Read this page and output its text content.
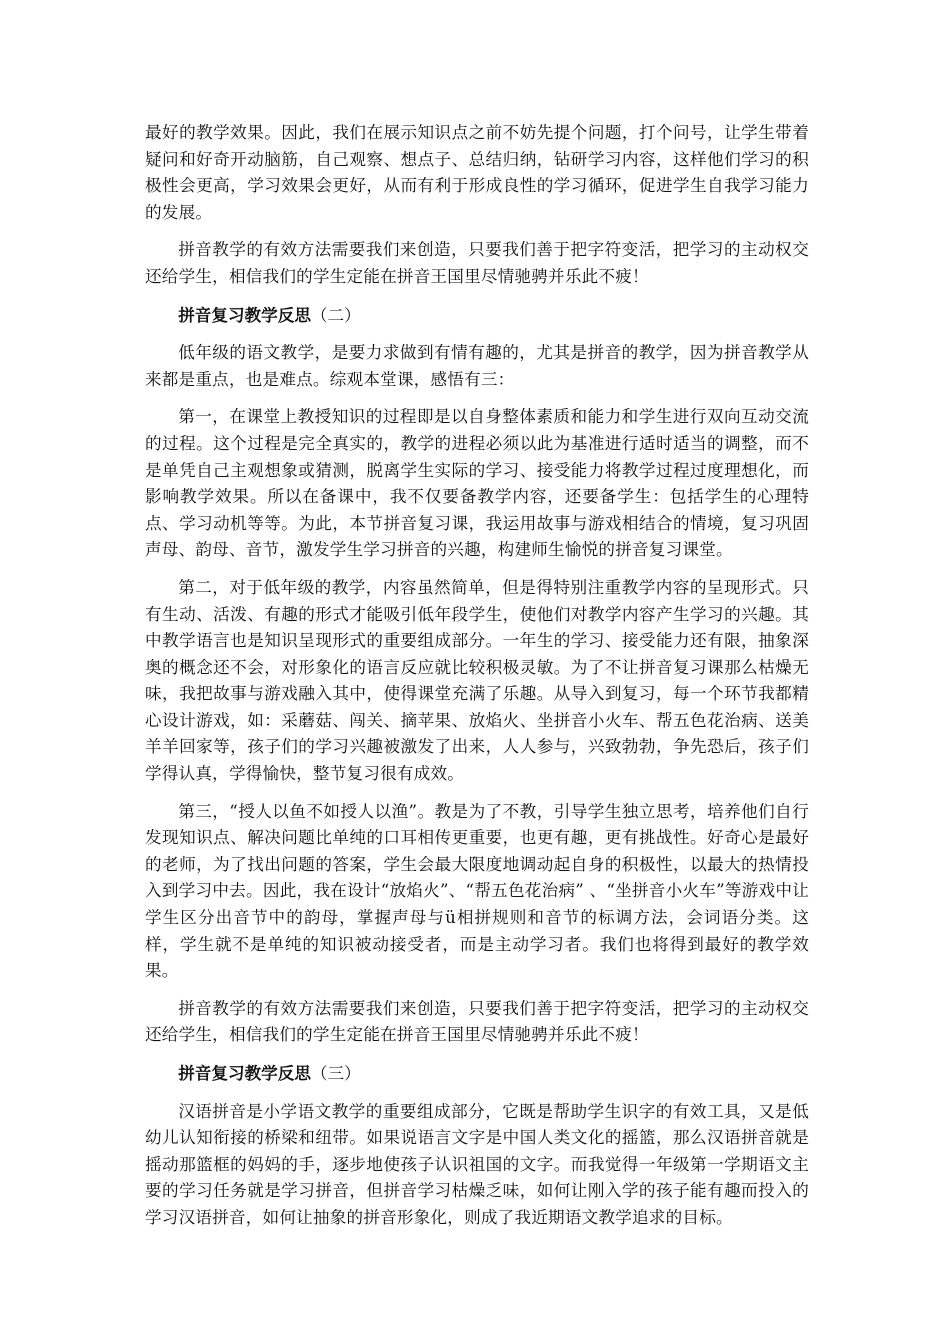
最好的教学效果。因此，我们在展示知识点之前不妨先提个问题，打个问号，让学生带着疑问和好奇开动脑筋，自己观察、想点子、总结归纳，钻研学习内容，这样他们学习的积极性会更高，学习效果会更好，从而有利于形成良性的学习循环，促进学生自我学习能力的发展。

拼音教学的有效方法需要我们来创造，只要我们善于把字符变活，把学习的主动权交还给学生，相信我们的学生定能在拼音王国里尽情驰骋并乐此不疲！

拼音复习教学反思（二）

低年级的语文教学，是要力求做到有情有趣的，尤其是拼音的教学，因为拼音教学从来都是重点，也是难点。综观本堂课，感悟有三：

第一，在课堂上教授知识的过程即是以自身整体素质和能力和学生进行双向互动交流的过程。这个过程是完全真实的，教学的进程必须以此为基准进行适时适当的调整，而不是单凭自己主观想象或猜测，脱离学生实际的学习、接受能力将教学过程过度理想化，而影响教学效果。所以在备课中，我不仅要备教学内容，还要备学生：包括学生的心理特点、学习动机等等。为此，本节拼音复习课，我运用故事与游戏相结合的情境，复习巩固声母、韵母、音节，激发学生学习拼音的兴趣，构建师生愉悦的拼音复习课堂。

第二，对于低年级的教学，内容虽然简单，但是得特别注重教学内容的呈现形式。只有生动、活泼、有趣的形式才能吸引低年段学生，使他们对教学内容产生学习的兴趣。其中教学语言也是知识呈现形式的重要组成部分。一年生的学习、接受能力还有限，抽象深奥的概念还不会，对形象化的语言反应就比较积极灵敏。为了不让拼音复习课那么枯燥无味，我把故事与游戏融入其中，使得课堂充满了乐趣。从导入到复习，每一个环节我都精心设计游戏，如：采蘑菇、闯关、摘苹果、放焰火、坐拼音小火车、帮五色花治病、送美羊羊回家等，孩子们的学习兴趣被激发了出来，人人参与，兴致勃勃，争先恐后，孩子们学得认真，学得愉快，整节复习很有成效。

第三，“授人以鱼不如授人以渔”。教是为了不教，引导学生独立思考，培养他们自行发现知识点、解决问题比单纯的口耳相传更重要，也更有趣，更有挑战性。好奇心是最好的老师，为了找出问题的答案，学生会最大限度地调动起自身的积极性，以最大的热情投入到学习中去。因此，我在设计“放焰火”、“帮五色花治病” 、“坐拼音小火车”等游戏中让学生区分出音节中的韵母，掌握声母与ü相拼规则和音节的标调方法，会词语分类。这样，学生就不是单纯的知识被动接受者，而是主动学习者。我们也将得到最好的教学效果。

拼音教学的有效方法需要我们来创造，只要我们善于把字符变活，把学习的主动权交还给学生，相信我们的学生定能在拼音王国里尽情驰骋并乐此不疲！

拼音复习教学反思（三）

汉语拼音是小学语文教学的重要组成部分，它既是帮助学生识字的有效工具，又是低幼儿认知衔接的桥梁和纽带。如果说语言文字是中国人类文化的摇篮，那么汉语拼音就是摇动那篮框的妈妈的手，逐步地使孩子认识祖国的文字。而我觉得一年级第一学期语文主要的学习任务就是学习拼音，但拼音学习枯燥乏味，如何让刚入学的孩子能有趣而投入的学习汉语拼音，如何让抽象的拼音形象化，则成了我近期语文教学追求的目标。
